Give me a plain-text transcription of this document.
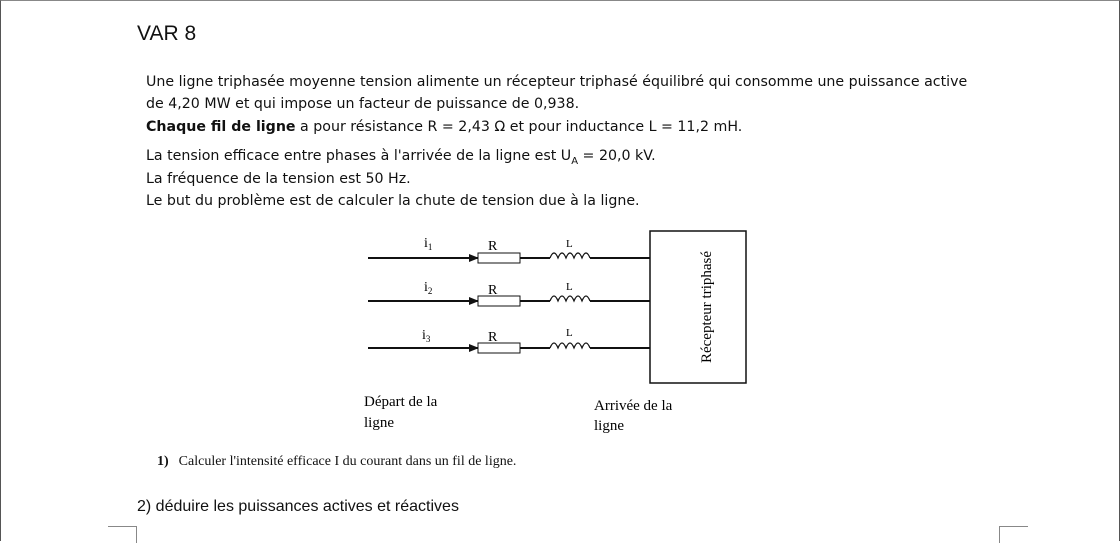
VAR 8
Une ligne triphasée moyenne tension alimente un récepteur triphasé équilibré qui consomme une puissance active
de 4,20 MW et qui impose un facteur de puissance de 0,938.
Chaque fil de ligne a pour résistance R = 2,43 Ω et pour inductance L = 11,2 mH.
La tension efficace entre phases à l'arrivée de la ligne est $U_A = 20,0$ kV.
La fréquence de la tension est 50 Hz.
Le but du problème est de calculer la chute de tension due à la ligne.
$i_1$
$i_2$
$i_3$
R
R
R
L
L
L	Récepteur triphasé
Départ de la
ligne
Arrivée de la
ligne
1) Calculer l'intensité efficace I du courant dans un fil de ligne.
2) déduire les puissances actives et réactives
